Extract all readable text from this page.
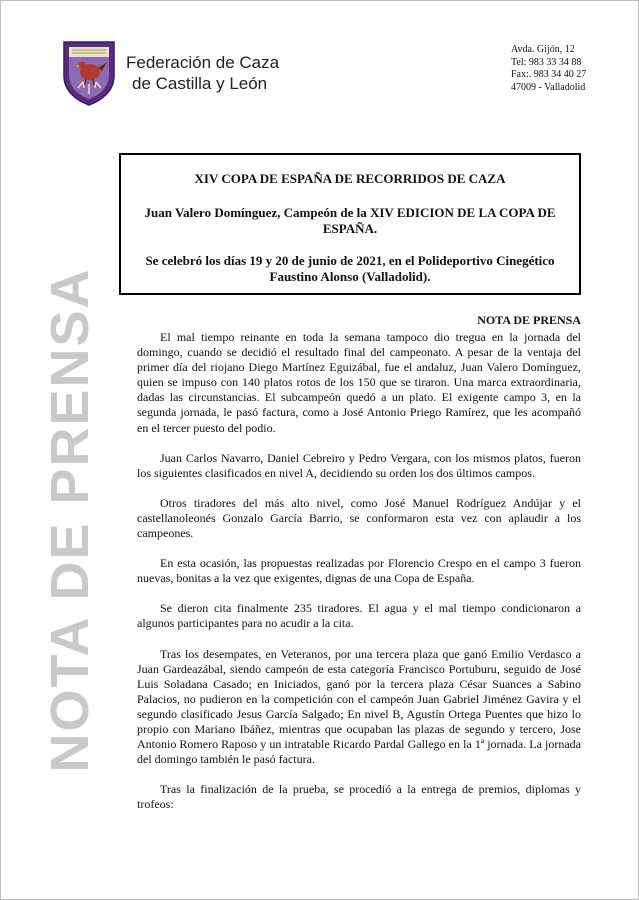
Federación de Caza
de Castilla y León
Avda. Gijón, 12
Tel: 983 33 34 88
Fax:. 983 34 40 27
47009 - Valladolid
XIV COPA DE ESPAÑA DE RECORRIDOS DE CAZA
Juan Valero Domínguez, Campeón de la XIV EDICION DE LA COPA DE ESPAÑA.
Se celebró los días 19 y 20 de junio de 2021, en el Polideportivo Cinegético Faustino Alonso (Valladolid).
NOTA DE PRENSA	NOTA DE PRENSA

El mal tiempo reinante en toda la semana tampoco dio tregua en la jornada del domingo, cuando se decidió el resultado final del campeonato. A pesar de la ventaja del primer día del riojano Diego Martínez Eguizábal, fue el andaluz, Juan Valero Domínguez, quien se impuso con 140 platos rotos de los 150 que se tiraron. Una marca extraordinaria, dadas las circunstancias. El subcampeón quedó a un plato. El exigente campo 3, en la segunda jornada, le pasó factura, como a José Antonio Priego Ramírez, que les acompañó en el tercer puesto del podio.

Juan Carlos Navarro, Daniel Cebreiro y Pedro Vergara, con los mismos platos, fueron los siguientes clasificados en nivel A, decidiendo su orden los dos últimos campos.

Otros tiradores del más alto nivel, como José Manuel Rodríguez Andújar y el castellanoleonés Gonzalo García Barrio, se conformaron esta vez con aplaudir a los campeones.

En esta ocasión, las propuestas realizadas por Florencio Crespo en el campo 3 fueron nuevas, bonitas a la vez que exigentes, dignas de una Copa de España.

Se dieron cita finalmente 235 tiradores. El agua y el mal tiempo condicionaron a algunos participantes para no acudir a la cita.

Tras los desempates, en Veteranos, por una tercera plaza que ganó Emilio Verdasco a Juan Gardeazábal, siendo campeón de esta categoría Francisco Portuburu, seguido de José Luis Soladana Casado; en Iniciados, ganó por la tercera plaza César Suances a Sabino Palacios, no pudieron en la competición con el campeón Juan Gabriel Jiménez Gavira y el segundo clasificado Jesus García Salgado; En nivel B, Agustín Ortega Puentes que hizo lo propio con Mariano Ibáñez, mientras que ocupaban las plazas de segundo y tercero, Jose Antonio Romero Raposo y un intratable Ricardo Pardal Gallego en la 1ª jornada. La jornada del domingo también le pasó factura.

Tras la finalización de la prueba, se procedió a la entrega de premios, diplomas y trofeos:
